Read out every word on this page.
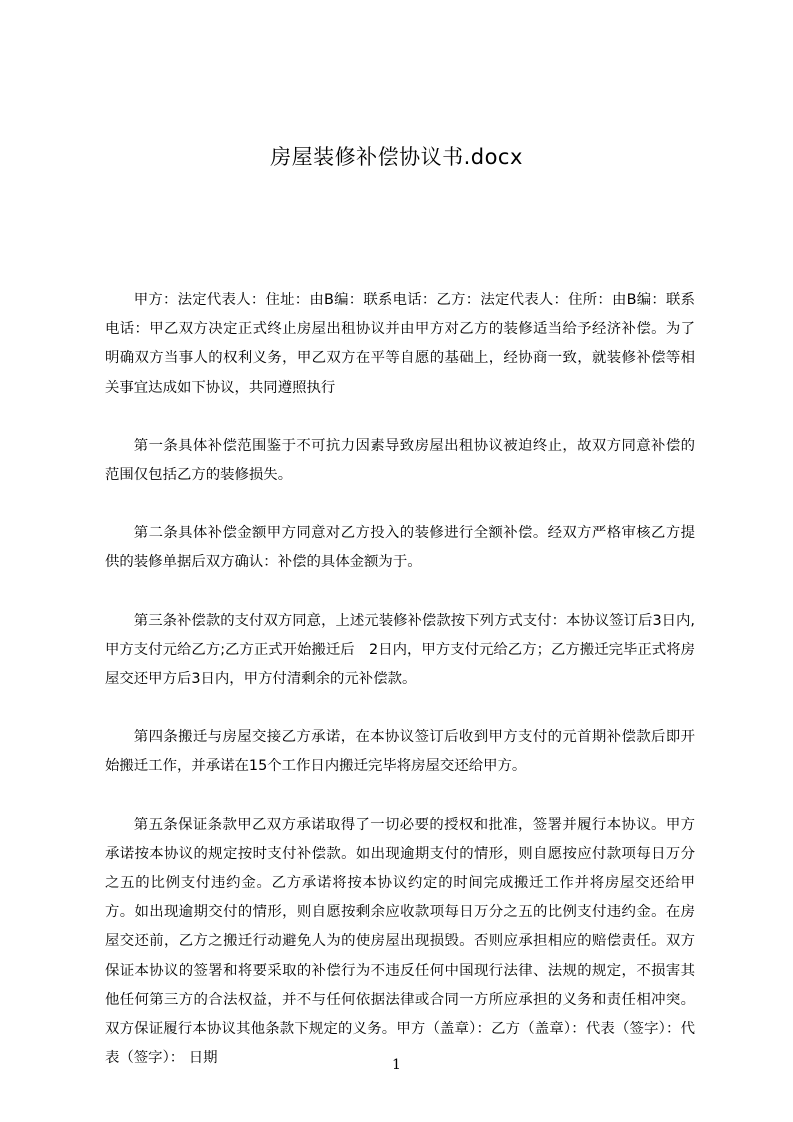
房屋装修补偿协议书.docx

甲方：法定代表人：住址：由B编：联系电话：乙方：法定代表人：住所：由B编：联系电话：甲乙双方决定正式终止房屋出租协议并由甲方对乙方的装修适当给予经济补偿。为了明确双方当事人的权利义务，甲乙双方在平等自愿的基础上，经协商一致，就装修补偿等相关事宜达成如下协议，共同遵照执行

第一条具体补偿范围鉴于不可抗力因素导致房屋出租协议被迫终止，故双方同意补偿的范围仅包括乙方的装修损失。

第二条具体补偿金额甲方同意对乙方投入的装修进行全额补偿。经双方严格审核乙方提供的装修单据后双方确认：补偿的具体金额为于。

第三条补偿款的支付双方同意，上述元装修补偿款按下列方式支付：本协议签订后3日内,甲方支付元给乙方;乙方正式开始搬迁后　2日内，甲方支付元给乙方；乙方搬迁完毕正式将房屋交还甲方后3日内，甲方付清剩余的元补偿款。

第四条搬迁与房屋交接乙方承诺，在本协议签订后收到甲方支付的元首期补偿款后即开始搬迁工作，并承诺在15个工作日内搬迁完毕将房屋交还给甲方。

第五条保证条款甲乙双方承诺取得了一切必要的授权和批准，签署并履行本协议。甲方承诺按本协议的规定按时支付补偿款。如出现逾期支付的情形，则自愿按应付款项每日万分之五的比例支付违约金。乙方承诺将按本协议约定的时间完成搬迁工作并将房屋交还给甲方。如出现逾期交付的情形，则自愿按剩余应收款项每日万分之五的比例支付违约金。在房屋交还前，乙方之搬迁行动避免人为的使房屋出现损毁。否则应承担相应的赔偿责任。双方保证本协议的签署和将要采取的补偿行为不违反任何中国现行法律、法规的规定，不损害其他任何第三方的合法权益，并不与任何依据法律或合同一方所应承担的义务和责任相冲突。双方保证履行本协议其他条款下规定的义务。甲方（盖章）：乙方（盖章）：代表（签字）：代表（签字）： 日期	1
